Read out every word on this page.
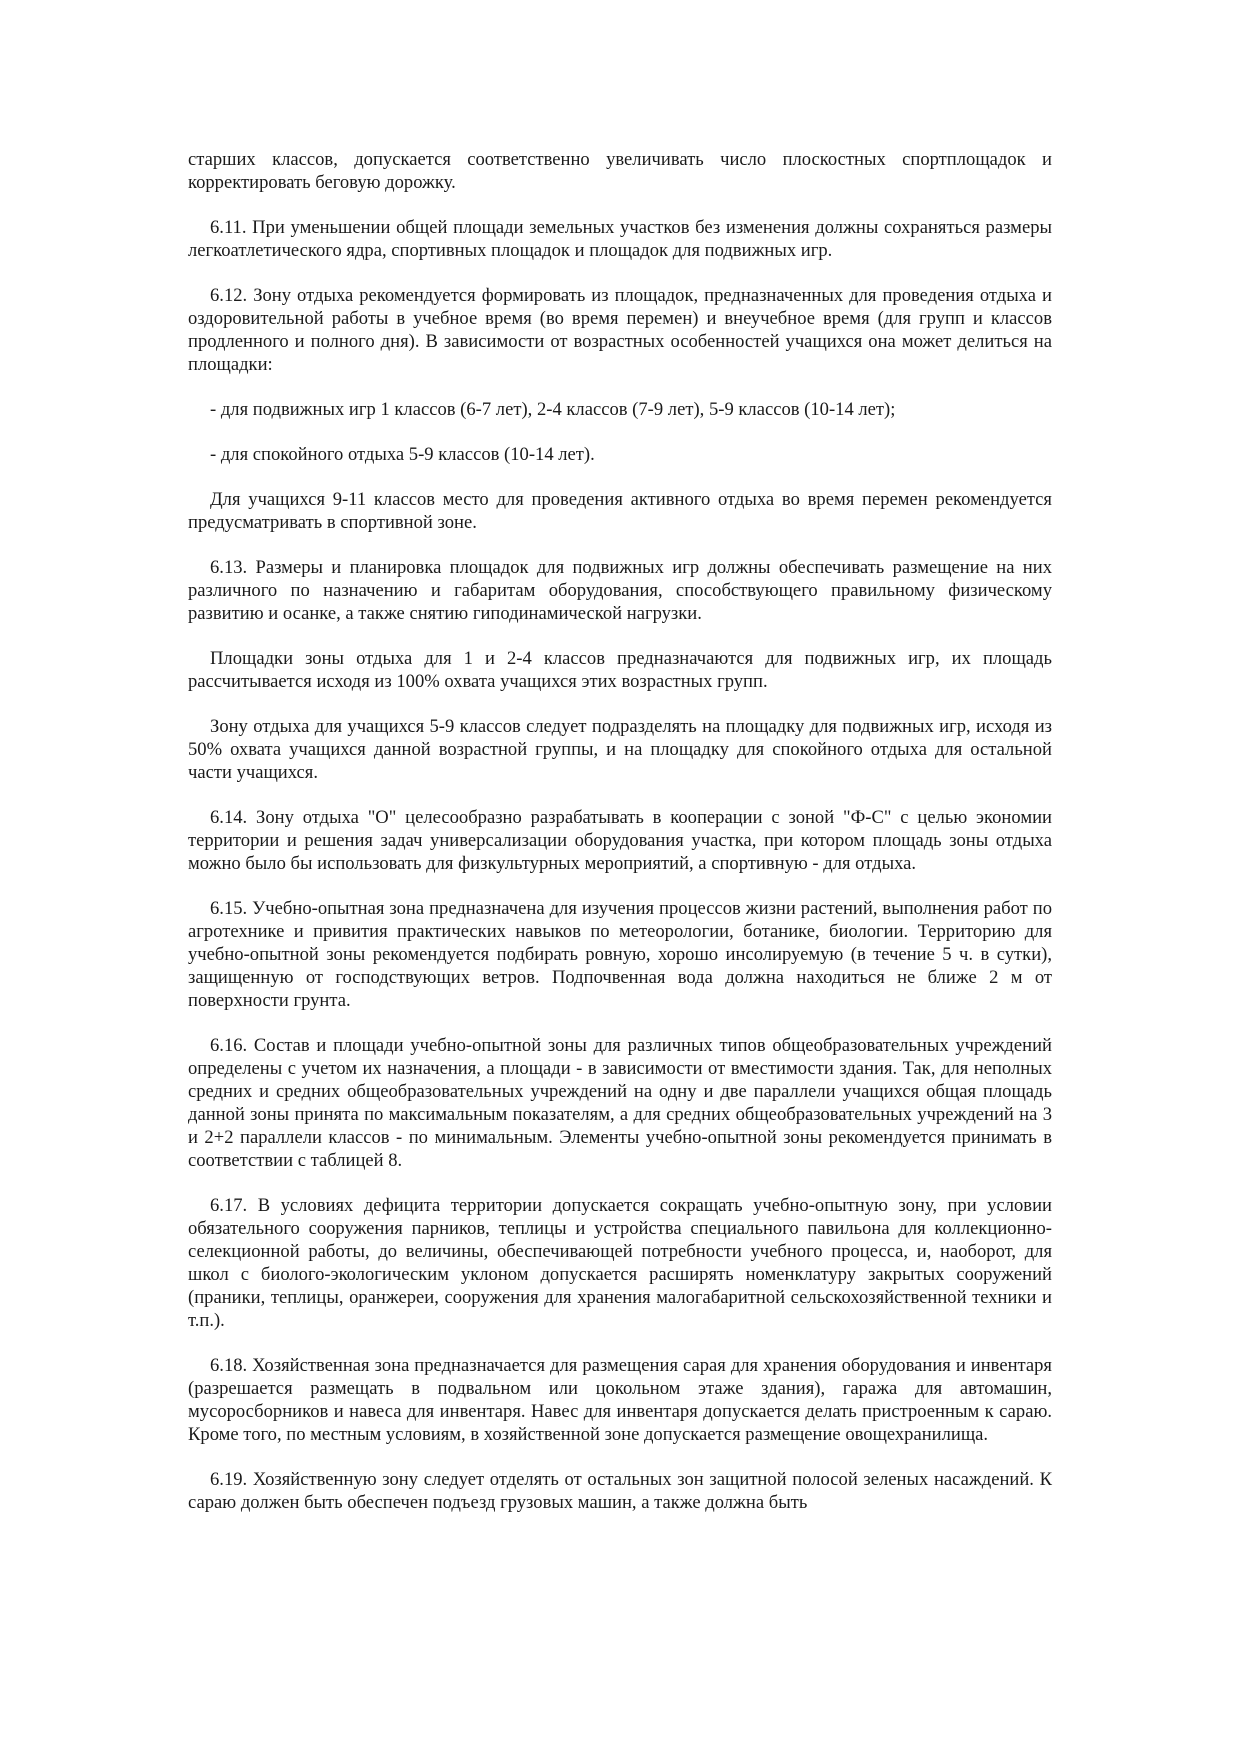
старших классов, допускается соответственно увеличивать число плоскостных спортплощадок и корректировать беговую дорожку.

6.11. При уменьшении общей площади земельных участков без изменения должны сохраняться размеры легкоатлетического ядра, спортивных площадок и площадок для подвижных игр.

6.12. Зону отдыха рекомендуется формировать из площадок, предназначенных для проведения отдыха и оздоровительной работы в учебное время (во время перемен) и внеучебное время (для групп и классов продленного и полного дня). В зависимости от возрастных особенностей учащихся она может делиться на площадки:

- для подвижных игр 1 классов (6-7 лет), 2-4 классов (7-9 лет), 5-9 классов (10-14 лет);

- для спокойного отдыха 5-9 классов (10-14 лет).

Для учащихся 9-11 классов место для проведения активного отдыха во время перемен рекомендуется предусматривать в спортивной зоне.

6.13. Размеры и планировка площадок для подвижных игр должны обеспечивать размещение на них различного по назначению и габаритам оборудования, способствующего правильному физическому развитию и осанке, а также снятию гиподинамической нагрузки.

Площадки зоны отдыха для 1 и 2-4 классов предназначаются для подвижных игр, их площадь рассчитывается исходя из 100% охвата учащихся этих возрастных групп.

Зону отдыха для учащихся 5-9 классов следует подразделять на площадку для подвижных игр, исходя из 50% охвата учащихся данной возрастной группы, и на площадку для спокойного отдыха для остальной части учащихся.

6.14. Зону отдыха "О" целесообразно разрабатывать в кооперации с зоной "Ф-С" с целью экономии территории и решения задач универсализации оборудования участка, при котором площадь зоны отдыха можно было бы использовать для физкультурных мероприятий, а спортивную - для отдыха.

6.15. Учебно-опытная зона предназначена для изучения процессов жизни растений, выполнения работ по агротехнике и привития практических навыков по метеорологии, ботанике, биологии. Территорию для учебно-опытной зоны рекомендуется подбирать ровную, хорошо инсолируемую (в течение 5 ч. в сутки), защищенную от господствующих ветров. Подпочвенная вода должна находиться не ближе 2 м от поверхности грунта.

6.16. Состав и площади учебно-опытной зоны для различных типов общеобразовательных учреждений определены с учетом их назначения, а площади - в зависимости от вместимости здания. Так, для неполных средних и средних общеобразовательных учреждений на одну и две параллели учащихся общая площадь данной зоны принята по максимальным показателям, а для средних общеобразовательных учреждений на 3 и 2+2 параллели классов - по минимальным. Элементы учебно-опытной зоны рекомендуется принимать в соответствии с таблицей 8.

6.17. В условиях дефицита территории допускается сокращать учебно-опытную зону, при условии обязательного сооружения парников, теплицы и устройства специального павильона для коллекционно-селекционной работы, до величины, обеспечивающей потребности учебного процесса, и, наоборот, для школ с биолого-экологическим уклоном допускается расширять номенклатуру закрытых сооружений (праники, теплицы, оранжереи, сооружения для хранения малогабаритной сельскохозяйственной техники и т.п.).

6.18. Хозяйственная зона предназначается для размещения сарая для хранения оборудования и инвентаря (разрешается размещать в подвальном или цокольном этаже здания), гаража для автомашин, мусоросборников и навеса для инвентаря. Навес для инвентаря допускается делать пристроенным к сараю. Кроме того, по местным условиям, в хозяйственной зоне допускается размещение овощехранилища.

6.19. Хозяйственную зону следует отделять от остальных зон защитной полосой зеленых насаждений. К сараю должен быть обеспечен подъезд грузовых машин, а также должна быть
